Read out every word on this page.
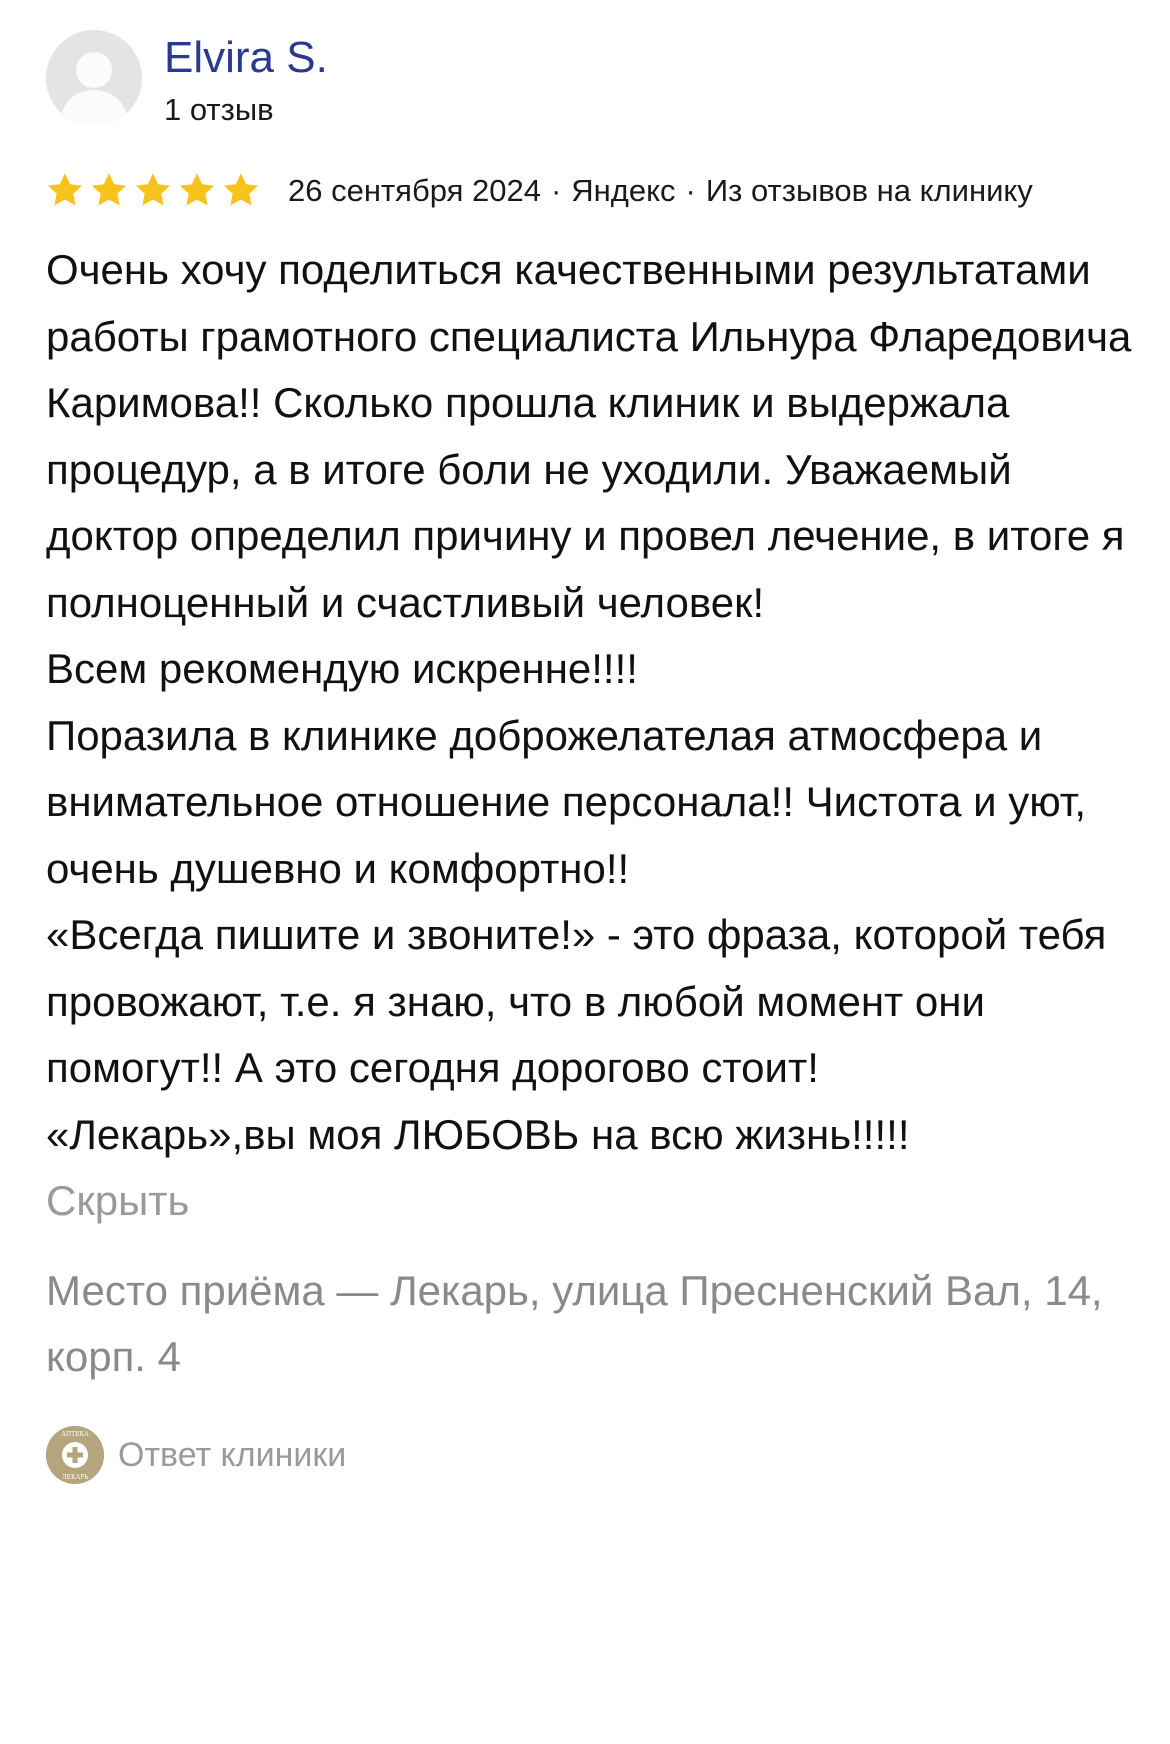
Elvira S.
1 отзыв
26 сентября 2024 · Яндекс · Из отзывов на клинику

Очень хочу поделиться качественными результатами работы грамотного специалиста Ильнура Фларедовича Каримова!! Сколько прошла клиник и выдержала процедур, а в итоге боли не уходили. Уважаемый доктор определил причину и провел лечение, в итоге я полноценный и счастливый человек!

Всем рекомендую искренне!!!!

Поразила в клинике доброжелателая атмосфера и внимательное отношение персонала!! Чистота и уют, очень душевно и комфортно!!

«Всегда пишите и звоните!» - это фраза, которой тебя провожают, т.е. я знаю, что в любой момент они помогут!! А это сегодня дорогово стоит!

«Лекарь»,вы моя ЛЮБОВЬ на всю жизнь!!!!!

Скрыть
Место приёма — Лекарь, улица Пресненский Вал, 14, корп. 4
АПТЕКА
ЛЕКАРЬ
Ответ клиники
